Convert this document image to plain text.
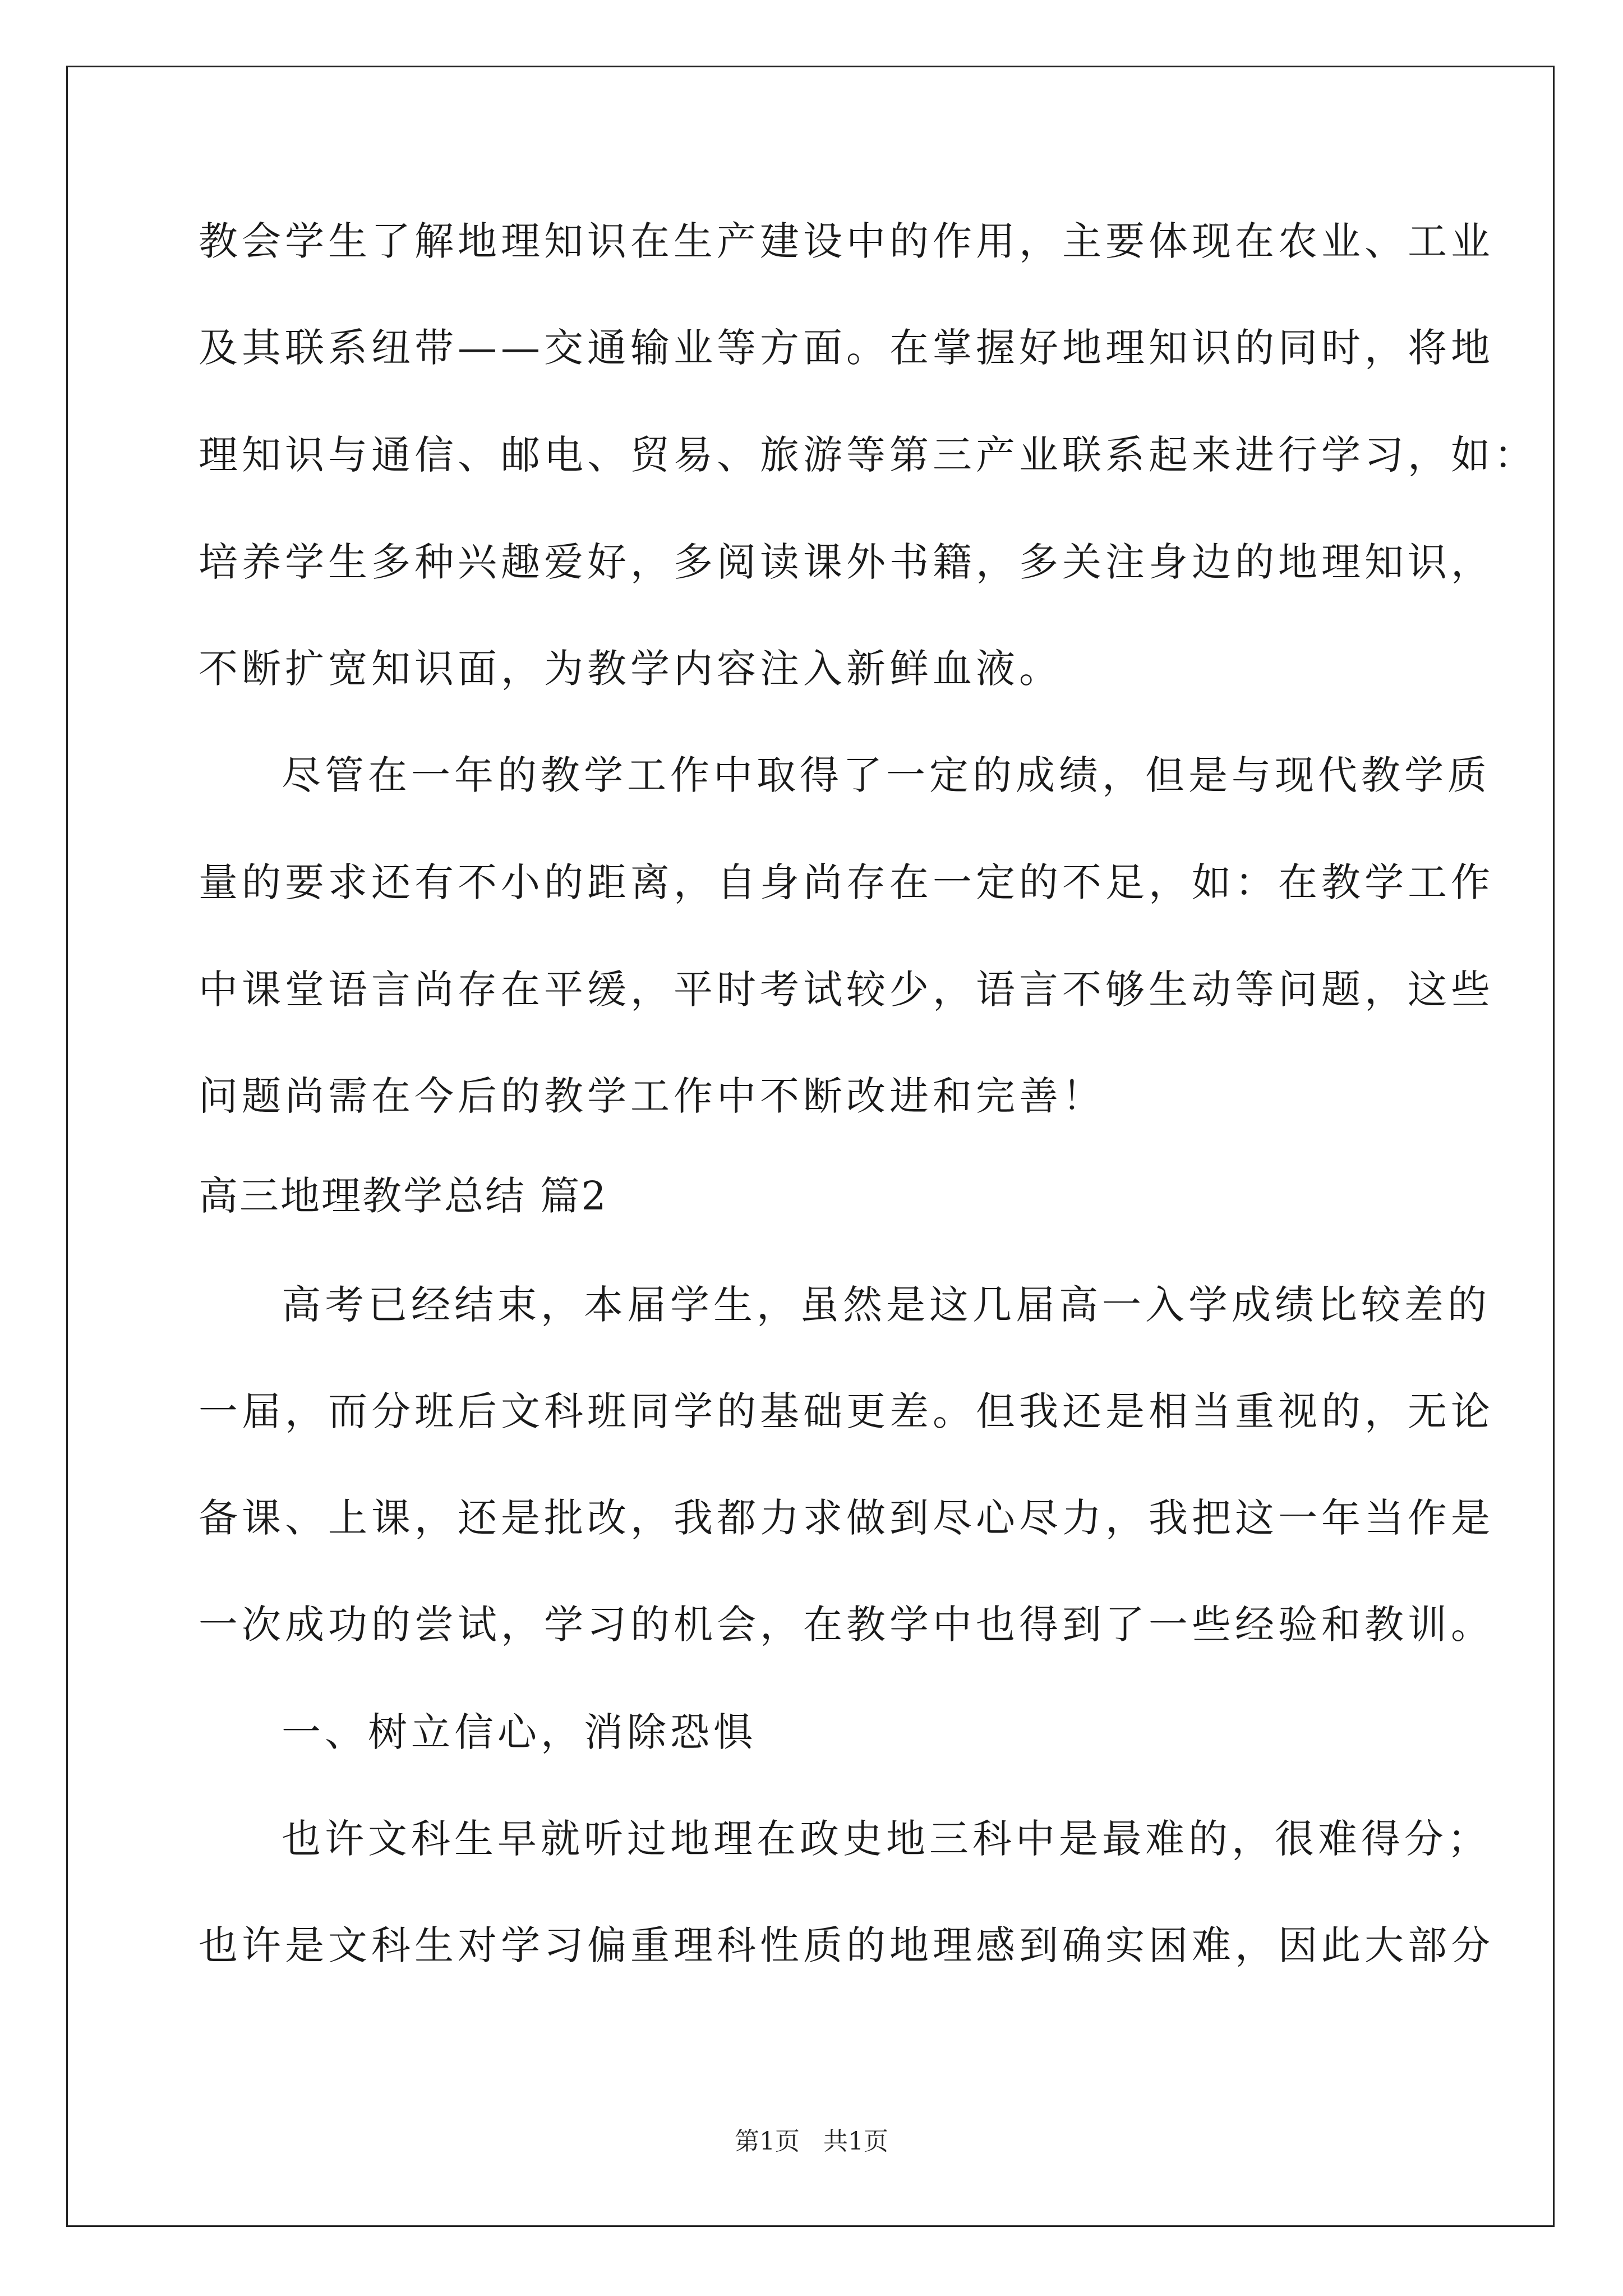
教会学生了解地理知识在生产建设中的作用，主要体现在农业、工业
及其联系纽带——交通输业等方面。在掌握好地理知识的同时，将地
理知识与通信、邮电、贸易、旅游等第三产业联系起来进行学习，如：
培养学生多种兴趣爱好，多阅读课外书籍，多关注身边的地理知识，
不断扩宽知识面，为教学内容注入新鲜血液。
尽管在一年的教学工作中取得了一定的成绩，但是与现代教学质
量的要求还有不小的距离，自身尚存在一定的不足，如：在教学工作
中课堂语言尚存在平缓，平时考试较少，语言不够生动等问题，这些
问题尚需在今后的教学工作中不断改进和完善！
高三地理教学总结 篇2
高考已经结束，本届学生，虽然是这几届高一入学成绩比较差的
一届，而分班后文科班同学的基础更差。但我还是相当重视的，无论
备课、上课，还是批改，我都力求做到尽心尽力，我把这一年当作是
一次成功的尝试，学习的机会，在教学中也得到了一些经验和教训。
一、树立信心，消除恐惧
也许文科生早就听过地理在政史地三科中是最难的，很难得分；
也许是文科生对学习偏重理科性质的地理感到确实困难，因此大部分
第1页   共1页
